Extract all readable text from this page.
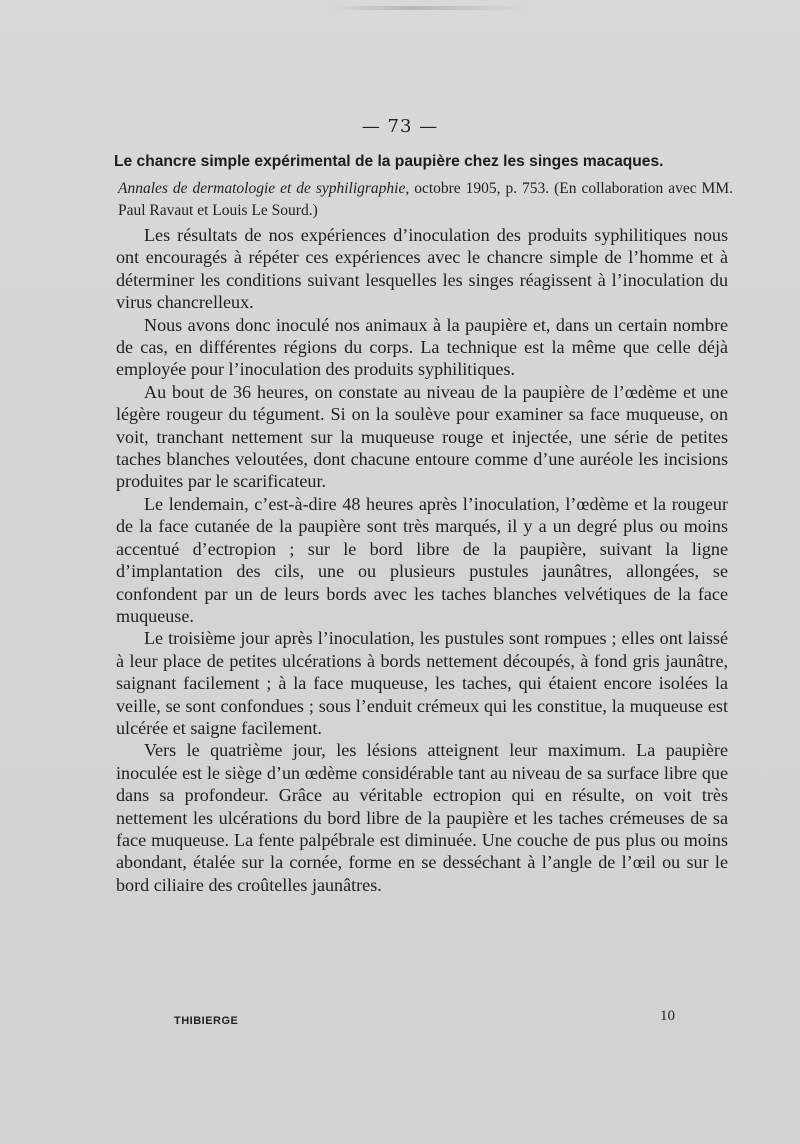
— 73 —
Le chancre simple expérimental de la paupière chez les singes macaques.
Annales de dermatologie et de syphiligraphie, octobre 1905, p. 753. (En collaboration avec MM. Paul Ravaut et Louis Le Sourd.)

Les résultats de nos expériences d’inoculation des produits syphilitiques nous ont encouragés à répéter ces expériences avec le chancre simple de l’homme et à déterminer les conditions suivant lesquelles les singes réagissent à l’inoculation du virus chancrelleux.

Nous avons donc inoculé nos animaux à la paupière et, dans un certain nombre de cas, en différentes régions du corps. La technique est la même que celle déjà employée pour l’inoculation des produits syphilitiques.

Au bout de 36 heures, on constate au niveau de la paupière de l’œdème et une légère rougeur du tégument. Si on la soulève pour examiner sa face muqueuse, on voit, tranchant nettement sur la muqueuse rouge et injectée, une série de petites taches blanches veloutées, dont chacune entoure comme d’une auréole les incisions produites par le scarificateur.

Le lendemain, c’est-à-dire 48 heures après l’inoculation, l’œdème et la rougeur de la face cutanée de la paupière sont très marqués, il y a un degré plus ou moins accentué d’ectropion ; sur le bord libre de la paupière, suivant la ligne d’implantation des cils, une ou plusieurs pustules jaunâtres, allongées, se confondent par un de leurs bords avec les taches blanches velvétiques de la face muqueuse.

Le troisième jour après l’inoculation, les pustules sont rompues ; elles ont laissé à leur place de petites ulcérations à bords nettement découpés, à fond gris jaunâtre, saignant facilement ; à la face muqueuse, les taches, qui étaient encore isolées la veille, se sont confondues ; sous l’enduit crémeux qui les constitue, la muqueuse est ulcérée et saigne facilement.

Vers le quatrième jour, les lésions atteignent leur maximum. La paupière inoculée est le siège d’un œdème considérable tant au niveau de sa surface libre que dans sa profondeur. Grâce au véritable ectropion qui en résulte, on voit très nettement les ulcérations du bord libre de la paupière et les taches crémeuses de sa face muqueuse. La fente palpébrale est diminuée. Une couche de pus plus ou moins abondant, étalée sur la cornée, forme en se desséchant à l’angle de l’œil ou sur le bord ciliaire des croûtelles jaunâtres.

THIBIERGE	10
